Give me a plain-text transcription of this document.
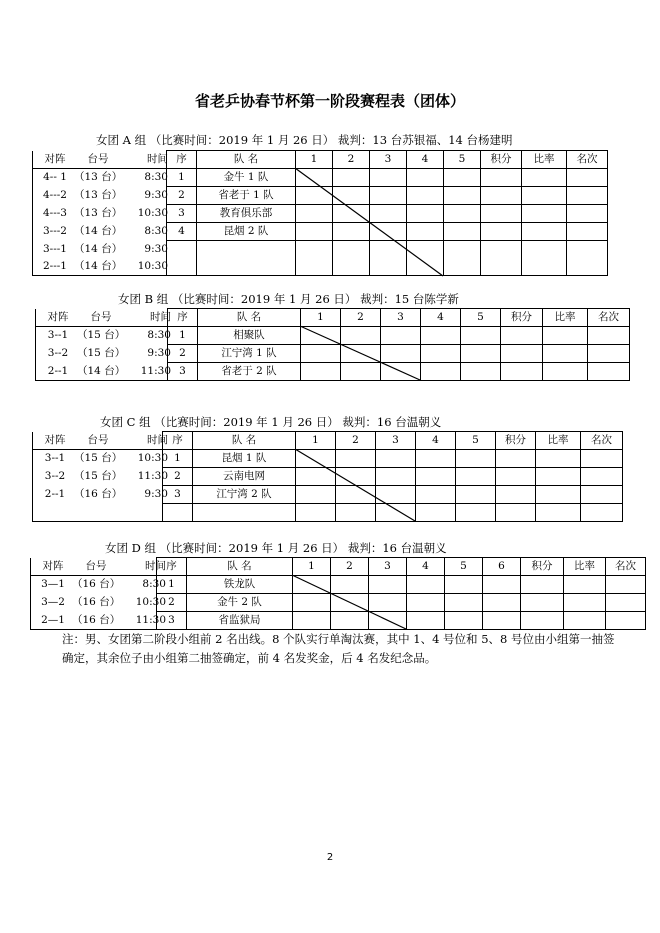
省老乒协春节杯第一阶段赛程表（团体）
女团 A 组 （比赛时间：2019 年 1 月 26 日） 裁判：13 台苏银福、14 台杨建明
对阵 台号 时间	序	队 名	1	2	3	4	5	积分	比率	名次
4-- 1 （13 台） 8:30	1	金牛 1 队								
4---2 （13 台） 9:30	2	省老于 1 队								
4---3 （13 台） 10:30	3	教育俱乐部								
3---2 （14 台） 8:30	4	昆烟 2 队								
3---1 （14 台） 9:30										
2---1 （14 台） 10:30										
女团 B 组 （比赛时间：2019 年 1 月 26 日） 裁判：15 台陈学新
对阵 台号 时间	序	队 名	1	2	3	4	5	积分	比率	名次
3--1 （15 台） 8:30	1	相聚队								
3--2 （15 台） 9:30	2	江宁湾 1 队								
2--1 （14 台） 11:30	3	省老于 2 队								
女团 C 组 （比赛时间：2019 年 1 月 26 日） 裁判：16 台温朝义
对阵 台号 时间	序	队 名	1	2	3	4	5	积分	比率	名次
3--1 （15 台） 10:30	1	昆烟 1 队								
3--2 （15 台） 11:30	2	云南电网								
2--1 （16 台） 9:30	3	江宁湾 2 队								

女团 D 组 （比赛时间：2019 年 1 月 26 日） 裁判：16 台温朝义
对阵 台号 时间	序	队 名	1	2	3	4	5	6	积分	比率	名次
3—1 （16 台） 8:30	1	铁龙队									
3—2 （16 台） 10:30	2	金牛 2 队									
2—1 （16 台） 11:30	3	省监狱局									
注：男、女团第二阶段小组前 2 名出线。8 个队实行单淘汰赛，其中 1、4 号位和 5、8 号位由小组第一抽签确定，其余位子由小组第二抽签确定，前 4 名发奖金，后 4 名发纪念品。
2
